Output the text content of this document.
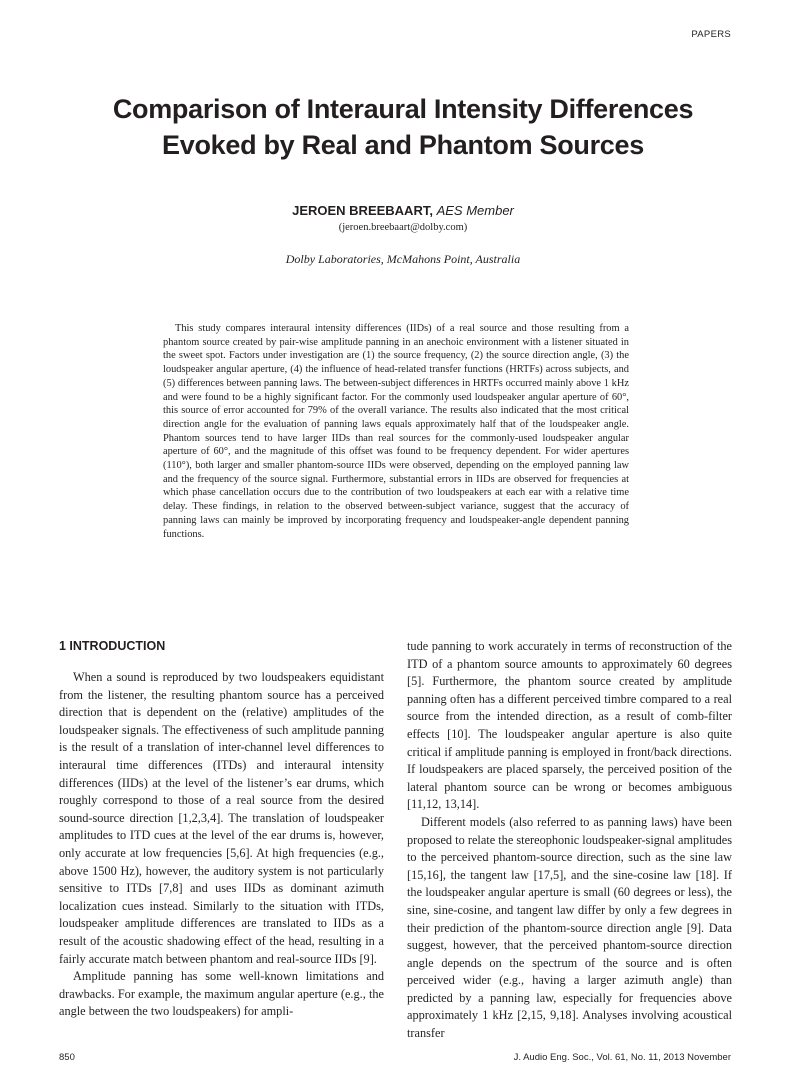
PAPERS
Comparison of Interaural Intensity Differences
Evoked by Real and Phantom Sources
JEROEN BREEBAART, AES Member
(jeroen.breebaart@dolby.com)
Dolby Laboratories, McMahons Point, Australia

This study compares interaural intensity differences (IIDs) of a real source and those resulting from a phantom source created by pair-wise amplitude panning in an anechoic environment with a listener situated in the sweet spot. Factors under investigation are (1) the source frequency, (2) the source direction angle, (3) the loudspeaker angular aperture, (4) the influence of head-related transfer functions (HRTFs) across subjects, and (5) differences between panning laws. The between-subject differences in HRTFs occurred mainly above 1 kHz and were found to be a highly significant factor. For the commonly used loudspeaker angular aperture of 60°, this source of error accounted for 79% of the overall variance. The results also indicated that the most critical direction angle for the evaluation of panning laws equals approximately half that of the loudspeaker angle. Phantom sources tend to have larger IIDs than real sources for the commonly-used loudspeaker angular aperture of 60°, and the magnitude of this offset was found to be frequency dependent. For wider apertures (110°), both larger and smaller phantom-source IIDs were observed, depending on the employed panning law and the frequency of the source signal. Furthermore, substantial errors in IIDs are observed for frequencies at which phase cancellation occurs due to the contribution of two loudspeakers at each ear with a relative time delay. These findings, in relation to the observed between-subject variance, suggest that the accuracy of panning laws can mainly be improved by incorporating frequency and loudspeaker-angle dependent panning functions.

1 INTRODUCTION

When a sound is reproduced by two loudspeakers equidistant from the listener, the resulting phantom source has a perceived direction that is dependent on the (relative) amplitudes of the loudspeaker signals. The effectiveness of such amplitude panning is the result of a translation of inter-channel level differences to interaural time differences (ITDs) and interaural intensity differences (IIDs) at the level of the listener’s ear drums, which roughly correspond to those of a real source from the desired sound-source direction [1,2,3,4]. The translation of loudspeaker amplitudes to ITD cues at the level of the ear drums is, however, only accurate at low frequencies [5,6]. At high frequencies (e.g., above 1500 Hz), however, the auditory system is not particularly sensitive to ITDs [7,8] and uses IIDs as dominant azimuth localization cues instead. Similarly to the situation with ITDs, loudspeaker amplitude differences are translated to IIDs as a result of the acoustic shadowing effect of the head, resulting in a fairly accurate match between phantom and real-source IIDs [9].

Amplitude panning has some well-known limitations and drawbacks. For example, the maximum angular aperture (e.g., the angle between the two loudspeakers) for ampli-

tude panning to work accurately in terms of reconstruction of the ITD of a phantom source amounts to approximately 60 degrees [5]. Furthermore, the phantom source created by amplitude panning often has a different perceived timbre compared to a real source from the intended direction, as a result of comb-filter effects [10]. The loudspeaker angular aperture is also quite critical if amplitude panning is employed in front/back directions. If loudspeakers are placed sparsely, the perceived position of the lateral phantom source can be wrong or becomes ambiguous [11,12, 13,14].

Different models (also referred to as panning laws) have been proposed to relate the stereophonic loudspeaker-signal amplitudes to the perceived phantom-source direction, such as the sine law [15,16], the tangent law [17,5], and the sine-cosine law [18]. If the loudspeaker angular aperture is small (60 degrees or less), the sine, sine-cosine, and tangent law differ by only a few degrees in their prediction of the phantom-source direction angle [9]. Data suggest, however, that the perceived phantom-source direction angle depends on the spectrum of the source and is often perceived wider (e.g., having a larger azimuth angle) than predicted by a panning law, especially for frequencies above approximately 1 kHz [2,15, 9,18]. Analyses involving acoustical transfer

850	J. Audio Eng. Soc., Vol. 61, No. 11, 2013 November
